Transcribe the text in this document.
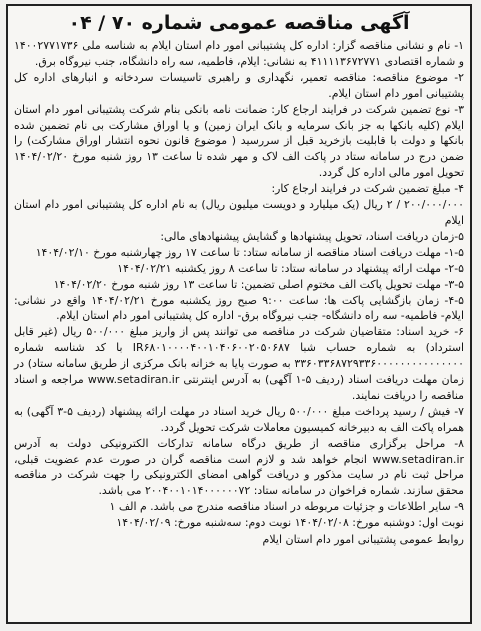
آگهی مناقصه عمومی شماره ۷۰ / ۰۴

۱- نام و نشانی مناقصه گزار: اداره کل پشتیبانی امور دام استان ایلام به شناسه ملی ۱۴۰۰۲۷۷۱۷۳۶ و شماره اقتصادی ۴۱۱۱۱۳۶۷۲۷۷۱ به نشانی: ایلام، فاطمیه، سه راه دانشگاه، جنب نیروگاه برق.

۲- موضوع مناقصه: مناقصه تعمیر، نگهداری و راهبری تاسیسات سردخانه و انبارهای اداره کل پشتیبانی امور دام استان ایلام.

۳- نوع تضمین شرکت در فرایند ارجاع کار: ضمانت نامه بانکی بنام شرکت پشتیبانی امور دام استان ایلام (کلیه بانکها به جز بانک سرمایه و بانک ایران زمین) و یا اوراق مشارکت بی نام تضمین شده بانکها و دولت با قابلیت بازخرید قبل از سررسید ( موضوع قانون نحوه انتشار اوراق مشارکت) را ضمن درج در سامانه ستاد در پاکت الف لاک و مهر شده تا ساعت ۱۳ روز شنبه مورخ ۱۴۰۴/۰۲/۲۰ تحویل امور مالی اداره کل گردد.

۴- مبلغ تضمین شرکت در فرایند ارجاع کار:

۲۰۰/۰۰۰/۰۰۰ / ۲ ریال (یک میلیارد و دویست میلیون ریال) به نام اداره کل پشتیبانی امور دام استان ایلام

۵-زمان دریافت اسناد، تحویل پیشنهادها و گشایش پیشنهادهای مالی:

۱-۵- مهلت دریافت اسناد مناقصه از سامانه ستاد: تا ساعت ۱۷ روز چهارشنبه مورخ ۱۴۰۴/۰۲/۱۰

۲-۵- مهلت ارائه پیشنهاد در سامانه ستاد: تا ساعت ۸ روز یکشنبه ۱۴۰۴/۰۲/۲۱

۳-۵- مهلت تحویل پاکت الف مختوم اصلی تضمین: تا ساعت ۱۳ روز شنبه مورخ ۱۴۰۴/۰۲/۲۰

۴-۵- زمان بازگشایی پاکت ها: ساعت ۹:۰۰ صبح روز یکشنبه مورخ ۱۴۰۴/۰۲/۲۱ واقع در نشانی: ایلام- فاطمیه- سه راه دانشگاه- جنب نیروگاه برق- اداره کل پشتیبانی امور دام استان ایلام.

۶- خرید اسناد: متقاضیان شرکت در مناقصه می توانند پس از واریز مبلغ ۵۰۰/۰۰۰ ریال (غیر قابل استرداد) به شماره حساب شبا IR۶۸۰۱۰۰۰۰۴۰۰۱۰۴۰۶۰۰۲۰۵۰۶۸۷ با کد شناسه شماره ۳۳۶۰۳۳۶۸۷۲۹۳۳۶۰۰۰۰۰۰۰۰۰۰۰۰۰۰۰ به صورت پایا به خزانه بانک مرکزی از طریق سامانه ستاد) در زمان مهلت دریافت اسناد (ردیف ۵-۱ آگهی) به آدرس اینترنتی www.setadiran.ir مراجعه و اسناد مناقصه را دریافت نمایند.

۷- فیش / رسید پرداخت مبلغ ۵۰۰/۰۰۰ ریال خرید اسناد در مهلت ارائه پیشنهاد (ردیف ۵-۳ آگهی) به همراه پاکت الف به دبیرخانه کمیسیون معاملات شرکت تحویل گردد.

۸- مراحل برگزاری مناقصه از طریق درگاه سامانه تدارکات الکترونیکی دولت به آدرس www.setadiran.ir انجام خواهد شد و لازم است مناقصه گران در صورت عدم عضویت قبلی، مراحل ثبت نام در سایت مذکور و دریافت گواهی امضای الکترونیکی را جهت شرکت در مناقصه محقق سازند. شماره فراخوان در سامانه ستاد: ۲۰۰۴۰۰۱۰۱۴۰۰۰۰۰۰۷۲ می باشد.

۹- سایر اطلاعات و جزئیات مربوطه در اسناد مناقصه مندرج می باشد. م الف ۱

نوبت اول: دوشنبه مورخ: ۱۴۰۴/۰۲/۰۸ نوبت دوم: سه‌شنبه مورخ: ۱۴۰۴/۰۲/۰۹

روابط عمومی پشتیبانی امور دام استان ایلام
